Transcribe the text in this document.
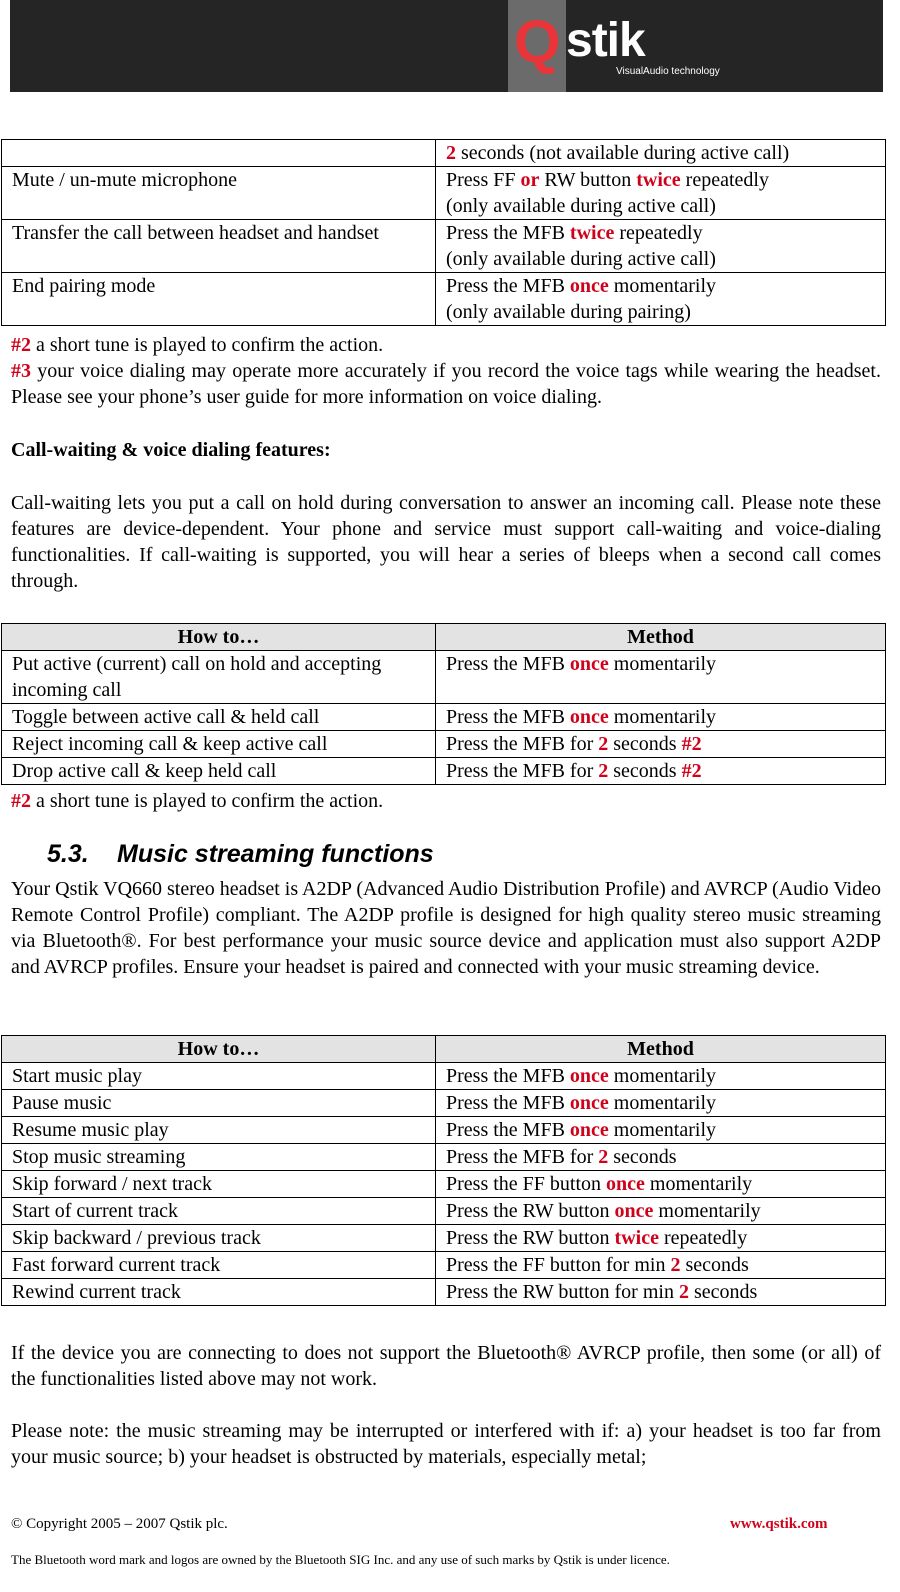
Q stik
VisualAudio technology
	2 seconds (not available during active call)
Mute / un-mute microphone	Press FF or RW button twice repeatedly
(only available during active call)
Transfer the call between headset and handset	Press the MFB twice repeatedly
(only available during active call)
End pairing mode	Press the MFB once momentarily
(only available during pairing)
#2 a short tune is played to confirm the action.
#3 your voice dialing may operate more accurately if you record the voice tags while wearing the headset. Please see your phone’s user guide for more information on voice dialing.
Call-waiting & voice dialing features:
Call-waiting lets you put a call on hold during conversation to answer an incoming call. Please note these features are device-dependent. Your phone and service must support call-waiting and voice-dialing functionalities. If call-waiting is supported, you will hear a series of bleeps when a second call comes through.
How to…	Method
Put active (current) call on hold and accepting incoming call	Press the MFB once momentarily
Toggle between active call & held call	Press the MFB once momentarily
Reject incoming call & keep active call	Press the MFB for 2 seconds #2
Drop active call & keep held call	Press the MFB for 2 seconds #2
#2 a short tune is played to confirm the action.
5.3. Music streaming functions
Your Qstik VQ660 stereo headset is A2DP (Advanced Audio Distribution Profile) and AVRCP (Audio Video Remote Control Profile) compliant. The A2DP profile is designed for high quality stereo music streaming via Bluetooth®. For best performance your music source device and application must also support A2DP and AVRCP profiles. Ensure your headset is paired and connected with your music streaming device.
How to…	Method
Start music play	Press the MFB once momentarily
Pause music	Press the MFB once momentarily
Resume music play	Press the MFB once momentarily
Stop music streaming	Press the MFB for 2 seconds
Skip forward / next track	Press the FF button once momentarily
Start of current track	Press the RW button once momentarily
Skip backward / previous track	Press the RW button twice repeatedly
Fast forward current track	Press the FF button for min 2 seconds
Rewind current track	Press the RW button for min 2 seconds
If the device you are connecting to does not support the Bluetooth® AVRCP profile, then some (or all) of the functionalities listed above may not work.
Please note: the music streaming may be interrupted or interfered with if: a) your headset is too far from your music source; b) your headset is obstructed by materials, especially metal;
© Copyright 2005 – 2007 Qstik plc.	www.qstik.com
The Bluetooth word mark and logos are owned by the Bluetooth SIG Inc. and any use of such marks by Qstik is under licence.
